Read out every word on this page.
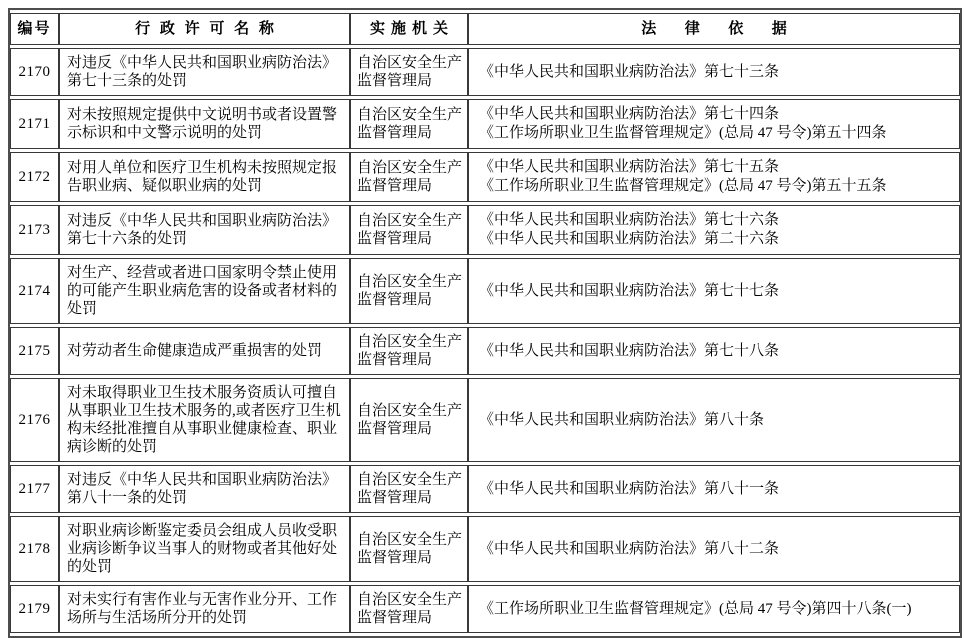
编号	行政许可名称	实施机关	法律依据
2170	对违反《中华人民共和国职业病防治法》第七十三条的处罚	自治区安全生产监督管理局	《中华人民共和国职业病防治法》第七十三条

2171	对未按照规定提供中文说明书或者设置警示标识和中文警示说明的处罚	自治区安全生产监督管理局	《中华人民共和国职业病防治法》第七十四条
《工作场所职业卫生监督管理规定》(总局 47 号令)第五十四条

2172	对用人单位和医疗卫生机构未按照规定报告职业病、疑似职业病的处罚	自治区安全生产监督管理局	《中华人民共和国职业病防治法》第七十五条
《工作场所职业卫生监督管理规定》(总局 47 号令)第五十五条

2173	对违反《中华人民共和国职业病防治法》第七十六条的处罚	自治区安全生产监督管理局	《中华人民共和国职业病防治法》第七十六条
《中华人民共和国职业病防治法》第二十六条

2174	对生产、经营或者进口国家明令禁止使用的可能产生职业病危害的设备或者材料的处罚	自治区安全生产监督管理局	《中华人民共和国职业病防治法》第七十七条

2175	对劳动者生命健康造成严重损害的处罚	自治区安全生产监督管理局	《中华人民共和国职业病防治法》第七十八条

2176	对未取得职业卫生技术服务资质认可擅自从事职业卫生技术服务的,或者医疗卫生机构未经批准擅自从事职业健康检查、职业病诊断的处罚	自治区安全生产监督管理局	《中华人民共和国职业病防治法》第八十条

2177	对违反《中华人民共和国职业病防治法》第八十一条的处罚	自治区安全生产监督管理局	《中华人民共和国职业病防治法》第八十一条

2178	对职业病诊断鉴定委员会组成人员收受职业病诊断争议当事人的财物或者其他好处的处罚	自治区安全生产监督管理局	《中华人民共和国职业病防治法》第八十二条

2179	对未实行有害作业与无害作业分开、工作场所与生活场所分开的处罚	自治区安全生产监督管理局	《工作场所职业卫生监督管理规定》(总局 47 号令)第四十八条(一)
